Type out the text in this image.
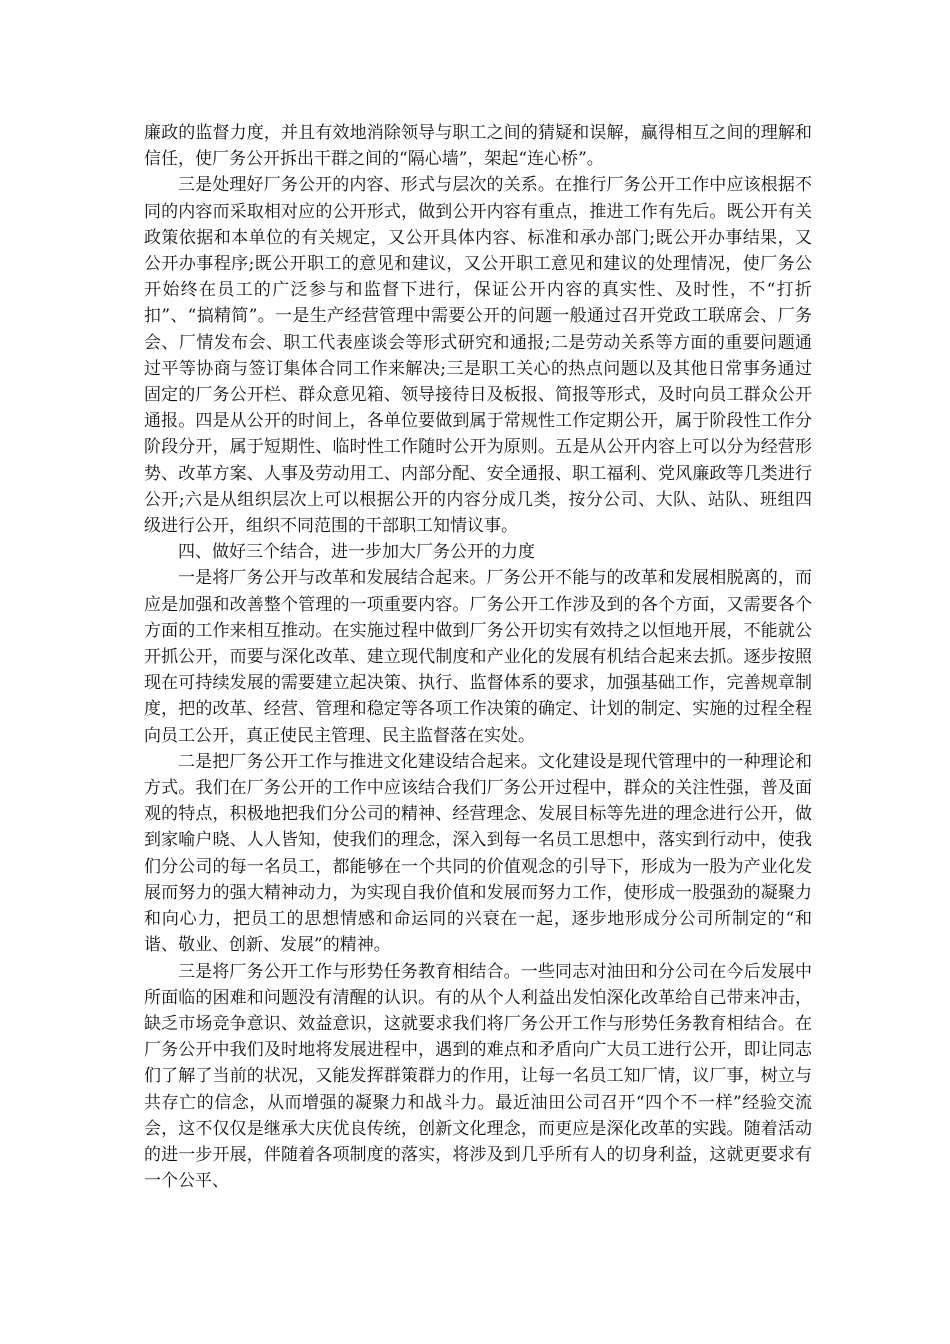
廉政的监督力度，并且有效地消除领导与职工之间的猜疑和误解，赢得相互之间的理解和信任，使厂务公开拆出干群之间的“隔心墙”，架起“连心桥”。

三是处理好厂务公开的内容、形式与层次的关系。在推行厂务公开工作中应该根据不同的内容而采取相对应的公开形式，做到公开内容有重点，推进工作有先后。既公开有关政策依据和本单位的有关规定，又公开具体内容、标准和承办部门;既公开办事结果，又公开办事程序;既公开职工的意见和建议，又公开职工意见和建议的处理情况，使厂务公开始终在员工的广泛参与和监督下进行，保证公开内容的真实性、及时性，不“打折扣”、“搞精简”。一是生产经营管理中需要公开的问题一般通过召开党政工联席会、厂务会、厂情发布会、职工代表座谈会等形式研究和通报;二是劳动关系等方面的重要问题通过平等协商与签订集体合同工作来解决;三是职工关心的热点问题以及其他日常事务通过固定的厂务公开栏、群众意见箱、领导接待日及板报、简报等形式，及时向员工群众公开通报。四是从公开的时间上，各单位要做到属于常规性工作定期公开，属于阶段性工作分阶段分开，属于短期性、临时性工作随时公开为原则。五是从公开内容上可以分为经营形势、改革方案、人事及劳动用工、内部分配、安全通报、职工福利、党风廉政等几类进行公开;六是从组织层次上可以根据公开的内容分成几类，按分公司、大队、站队、班组四级进行公开，组织不同范围的干部职工知情议事。

四、做好三个结合，进一步加大厂务公开的力度

一是将厂务公开与改革和发展结合起来。厂务公开不能与的改革和发展相脱离的，而应是加强和改善整个管理的一项重要内容。厂务公开工作涉及到的各个方面，又需要各个方面的工作来相互推动。在实施过程中做到厂务公开切实有效持之以恒地开展，不能就公开抓公开，而要与深化改革、建立现代制度和产业化的发展有机结合起来去抓。逐步按照现在可持续发展的需要建立起决策、执行、监督体系的要求，加强基础工作，完善规章制度，把的改革、经营、管理和稳定等各项工作决策的确定、计划的制定、实施的过程全程向员工公开，真正使民主管理、民主监督落在实处。

二是把厂务公开工作与推进文化建设结合起来。文化建设是现代管理中的一种理论和方式。我们在厂务公开的工作中应该结合我们厂务公开过程中，群众的关注性强，普及面观的特点，积极地把我们分公司的精神、经营理念、发展目标等先进的理念进行公开，做到家喻户晓、人人皆知，使我们的理念，深入到每一名员工思想中，落实到行动中，使我们分公司的每一名员工，都能够在一个共同的价值观念的引导下，形成为一股为产业化发展而努力的强大精神动力，为实现自我价值和发展而努力工作，使形成一股强劲的凝聚力和向心力，把员工的思想情感和命运同的兴衰在一起，逐步地形成分公司所制定的“和谐、敬业、创新、发展”的精神。

三是将厂务公开工作与形势任务教育相结合。一些同志对油田和分公司在今后发展中所面临的困难和问题没有清醒的认识。有的从个人利益出发怕深化改革给自己带来冲击，缺乏市场竞争意识、效益意识，这就要求我们将厂务公开工作与形势任务教育相结合。在厂务公开中我们及时地将发展进程中，遇到的难点和矛盾向广大员工进行公开，即让同志们了解了当前的状况，又能发挥群策群力的作用，让每一名员工知厂情，议厂事，树立与共存亡的信念，从而增强的凝聚力和战斗力。最近油田公司召开“四个不一样”经验交流会，这不仅仅是继承大庆优良传统，创新文化理念，而更应是深化改革的实践。随着活动的进一步开展，伴随着各项制度的落实，将涉及到几乎所有人的切身利益，这就更要求有一个公平、
